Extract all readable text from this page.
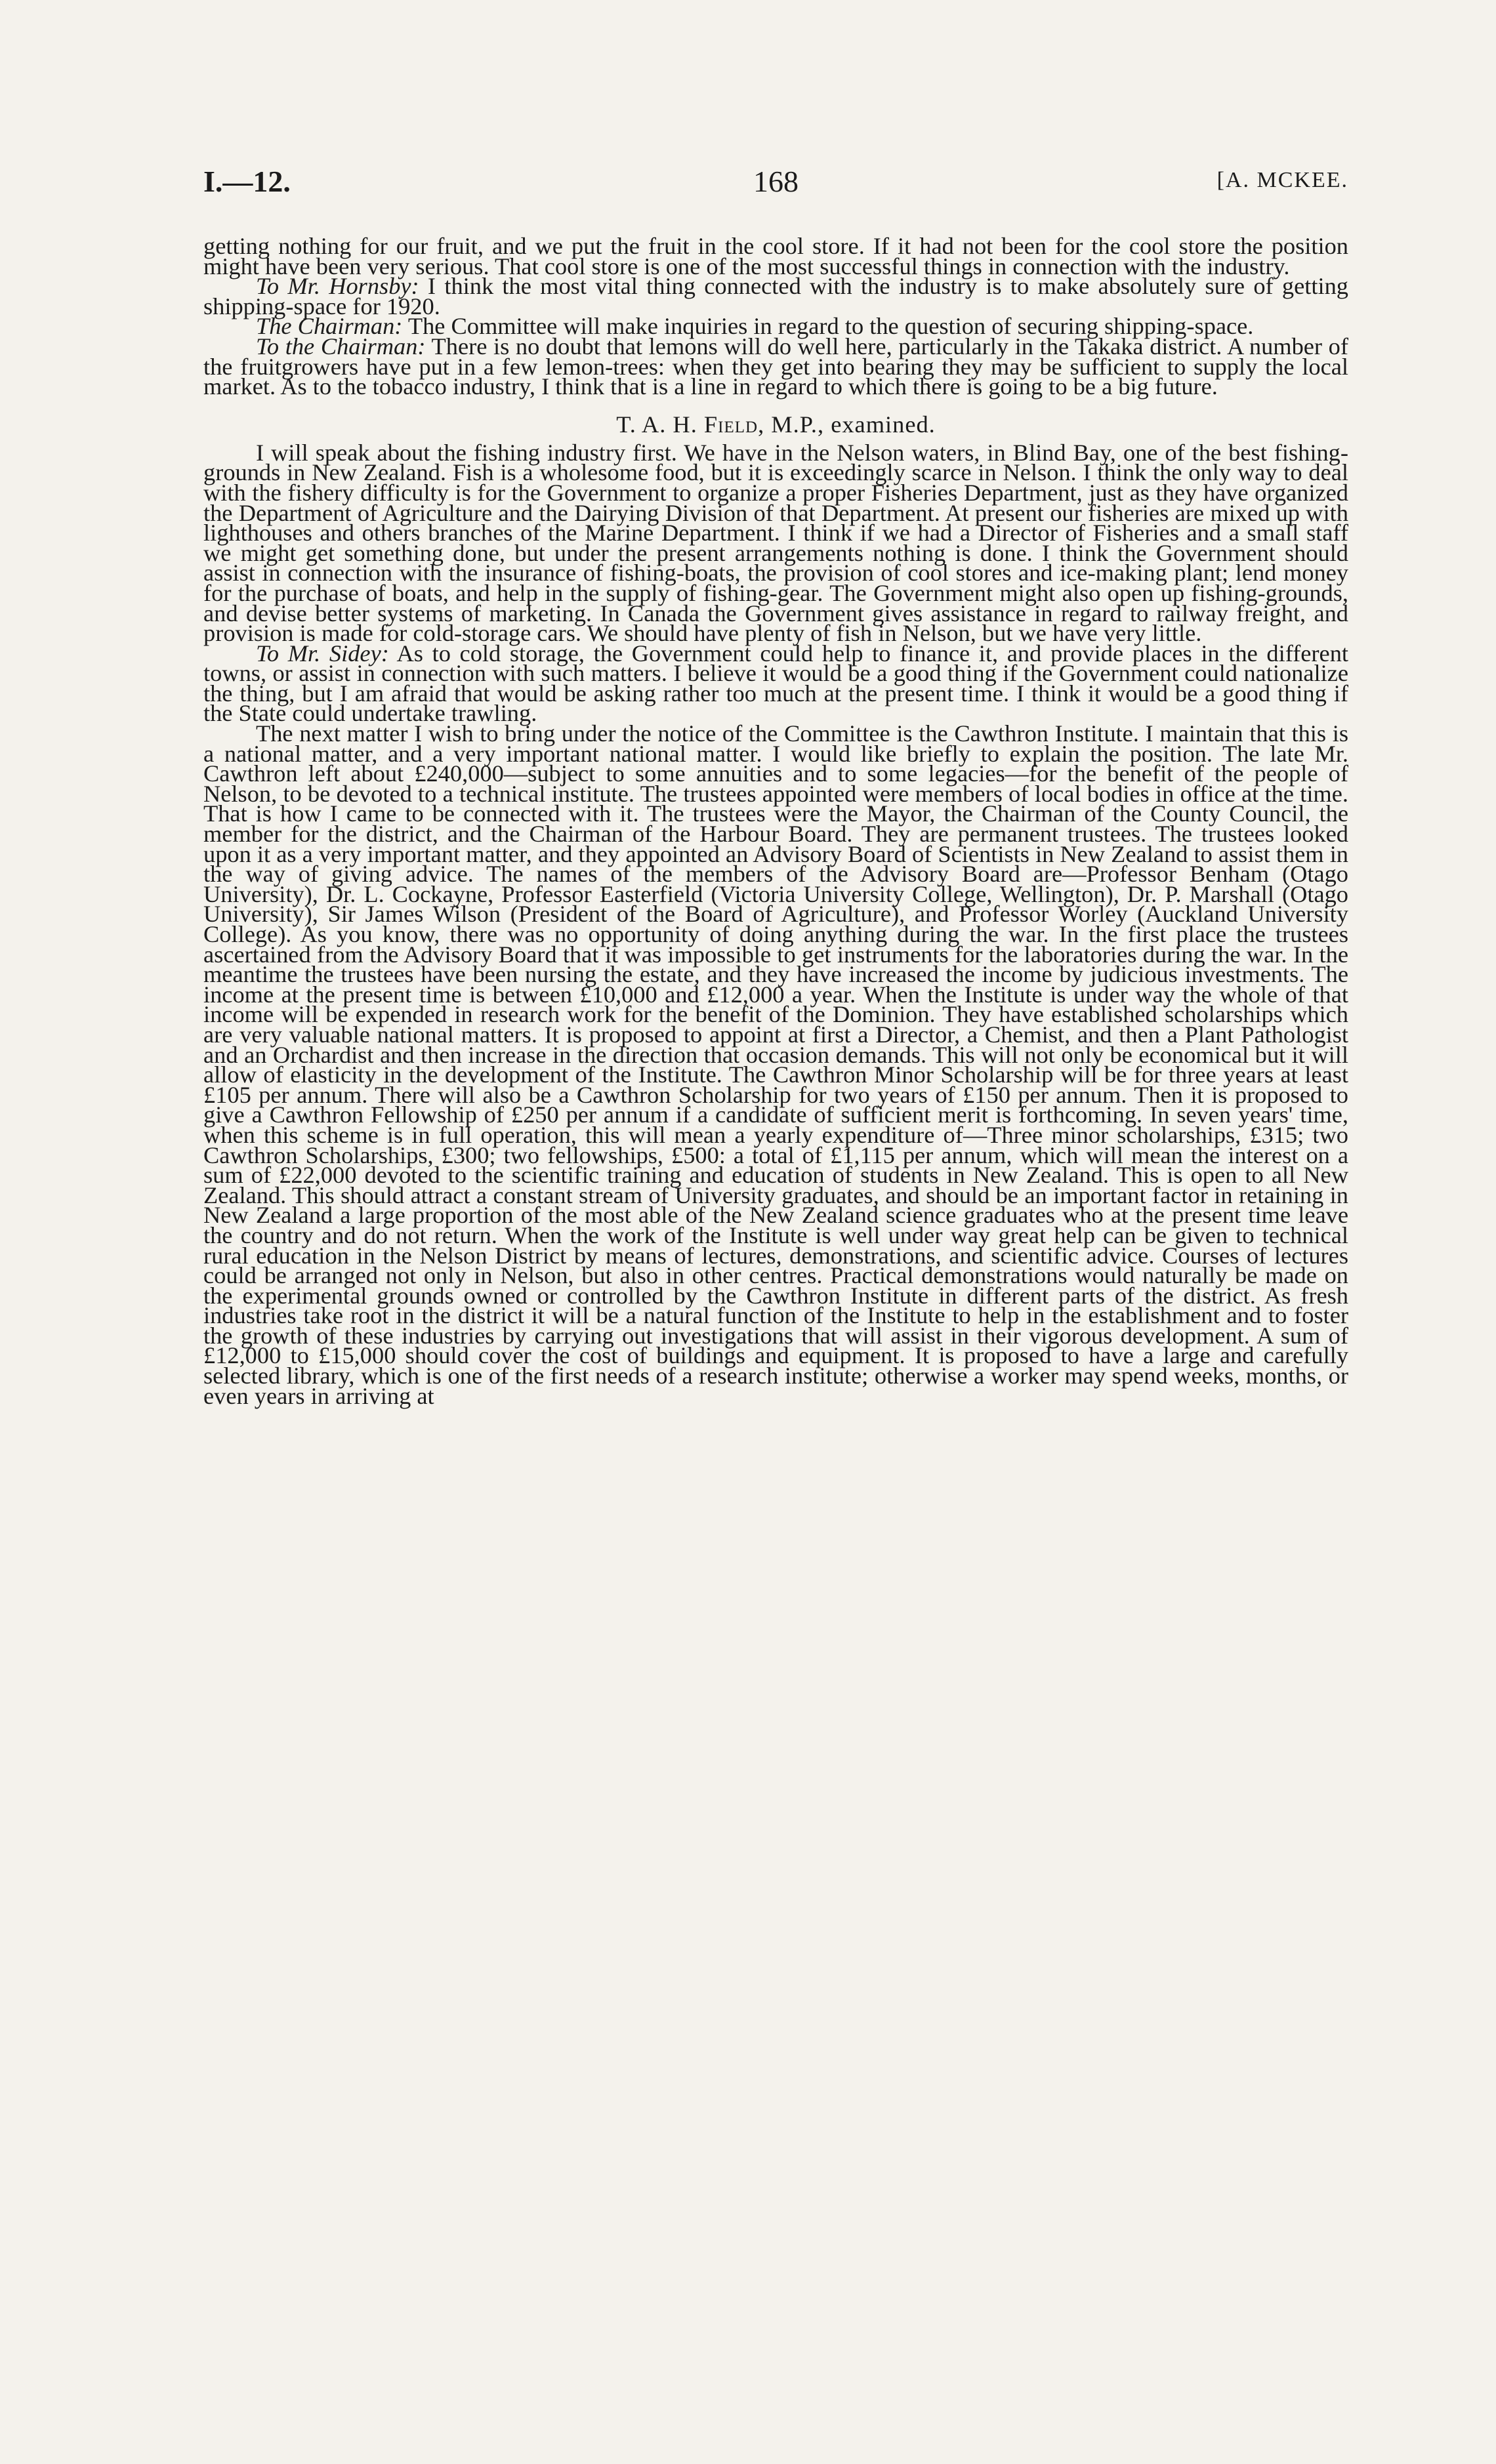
I.—12.	168	[A. MCKEE.

getting nothing for our fruit, and we put the fruit in the cool store. If it had not been for the cool store the position might have been very serious. That cool store is one of the most successful things in connection with the industry.

To Mr. Hornsby: I think the most vital thing connected with the industry is to make absolutely sure of getting shipping-space for 1920.

The Chairman: The Committee will make inquiries in regard to the question of securing shipping-space.

To the Chairman: There is no doubt that lemons will do well here, particularly in the Takaka district. A number of the fruitgrowers have put in a few lemon-trees: when they get into bearing they may be sufficient to supply the local market. As to the tobacco industry, I think that is a line in regard to which there is going to be a big future.

T. A. H. Field, M.P., examined.

I will speak about the fishing industry first. We have in the Nelson waters, in Blind Bay, one of the best fishing-grounds in New Zealand. Fish is a wholesome food, but it is exceedingly scarce in Nelson. I think the only way to deal with the fishery difficulty is for the Government to organize a proper Fisheries Department, just as they have organized the Department of Agriculture and the Dairying Division of that Department. At present our fisheries are mixed up with lighthouses and others branches of the Marine Department. I think if we had a Director of Fisheries and a small staff we might get something done, but under the present arrangements nothing is done. I think the Government should assist in connection with the insurance of fishing-boats, the provision of cool stores and ice-making plant; lend money for the purchase of boats, and help in the supply of fishing-gear. The Government might also open up fishing-grounds, and devise better systems of marketing. In Canada the Government gives assistance in regard to railway freight, and provision is made for cold-storage cars. We should have plenty of fish in Nelson, but we have very little.

To Mr. Sidey: As to cold storage, the Government could help to finance it, and provide places in the different towns, or assist in connection with such matters. I believe it would be a good thing if the Government could nationalize the thing, but I am afraid that would be asking rather too much at the present time. I think it would be a good thing if the State could undertake trawling.

The next matter I wish to bring under the notice of the Committee is the Cawthron Institute. I maintain that this is a national matter, and a very important national matter. I would like briefly to explain the position. The late Mr. Cawthron left about £240,000—subject to some annuities and to some legacies—for the benefit of the people of Nelson, to be devoted to a technical institute. The trustees appointed were members of local bodies in office at the time. That is how I came to be connected with it. The trustees were the Mayor, the Chairman of the County Council, the member for the district, and the Chairman of the Harbour Board. They are permanent trustees. The trustees looked upon it as a very important matter, and they appointed an Advisory Board of Scientists in New Zealand to assist them in the way of giving advice. The names of the members of the Advisory Board are—Professor Benham (Otago University), Dr. L. Cockayne, Professor Easterfield (Victoria University College, Wellington), Dr. P. Marshall (Otago University), Sir James Wilson (President of the Board of Agriculture), and Professor Worley (Auckland University College). As you know, there was no opportunity of doing anything during the war. In the first place the trustees ascertained from the Advisory Board that it was impossible to get instruments for the laboratories during the war. In the meantime the trustees have been nursing the estate, and they have increased the income by judicious investments. The income at the present time is between £10,000 and £12,000 a year. When the Institute is under way the whole of that income will be expended in research work for the benefit of the Dominion. They have established scholarships which are very valuable national matters. It is proposed to appoint at first a Director, a Chemist, and then a Plant Pathologist and an Orchardist and then increase in the direction that occasion demands. This will not only be economical but it will allow of elasticity in the development of the Institute. The Cawthron Minor Scholarship will be for three years at least £105 per annum. There will also be a Cawthron Scholarship for two years of £150 per annum. Then it is proposed to give a Cawthron Fellowship of £250 per annum if a candidate of sufficient merit is forthcoming. In seven years' time, when this scheme is in full operation, this will mean a yearly expenditure of—Three minor scholarships, £315; two Cawthron Scholarships, £300; two fellowships, £500: a total of £1,115 per annum, which will mean the interest on a sum of £22,000 devoted to the scientific training and education of students in New Zealand. This is open to all New Zealand. This should attract a constant stream of University graduates, and should be an important factor in retaining in New Zealand a large proportion of the most able of the New Zealand science graduates who at the present time leave the country and do not return. When the work of the Institute is well under way great help can be given to technical rural education in the Nelson District by means of lectures, demonstrations, and scientific advice. Courses of lectures could be arranged not only in Nelson, but also in other centres. Practical demonstrations would naturally be made on the experimental grounds owned or controlled by the Cawthron Institute in different parts of the district. As fresh industries take root in the district it will be a natural function of the Institute to help in the establishment and to foster the growth of these industries by carrying out investigations that will assist in their vigorous development. A sum of £12,000 to £15,000 should cover the cost of buildings and equipment. It is proposed to have a large and carefully selected library, which is one of the first needs of a research institute; otherwise a worker may spend weeks, months, or even years in arriving at
